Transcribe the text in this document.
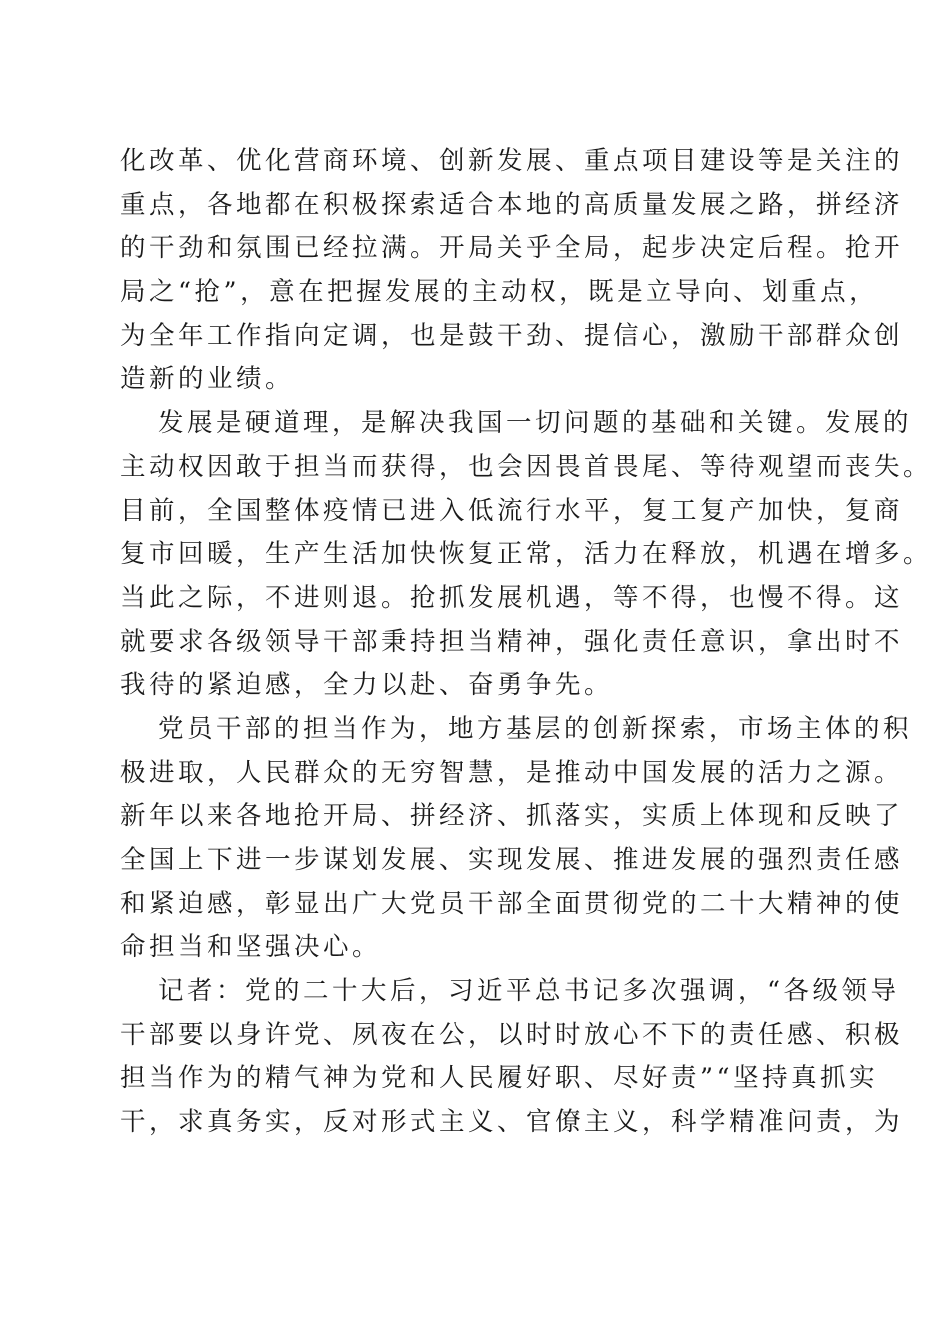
化改革、优化营商环境、创新发展、重点项目建设等是关注的
重点，各地都在积极探索适合本地的高质量发展之路，拼经济
的干劲和氛围已经拉满。开局关乎全局，起步决定后程。抢开
局之“抢”，意在把握发展的主动权，既是立导向、划重点，
为全年工作指向定调，也是鼓干劲、提信心，激励干部群众创
造新的业绩。
发展是硬道理，是解决我国一切问题的基础和关键。发展的
主动权因敢于担当而获得，也会因畏首畏尾、等待观望而丧失。
目前，全国整体疫情已进入低流行水平，复工复产加快，复商
复市回暖，生产生活加快恢复正常，活力在释放，机遇在增多。
当此之际，不进则退。抢抓发展机遇，等不得，也慢不得。这
就要求各级领导干部秉持担当精神，强化责任意识，拿出时不
我待的紧迫感，全力以赴、奋勇争先。
党员干部的担当作为，地方基层的创新探索，市场主体的积
极进取，人民群众的无穷智慧，是推动中国发展的活力之源。
新年以来各地抢开局、拼经济、抓落实，实质上体现和反映了
全国上下进一步谋划发展、实现发展、推进发展的强烈责任感
和紧迫感，彰显出广大党员干部全面贯彻党的二十大精神的使
命担当和坚强决心。
记者：党的二十大后，习近平总书记多次强调，“各级领导
干部要以身许党、夙夜在公，以时时放心不下的责任感、积极
担当作为的精气神为党和人民履好职、尽好责”“坚持真抓实
干，求真务实，反对形式主义、官僚主义，科学精准问责，为
